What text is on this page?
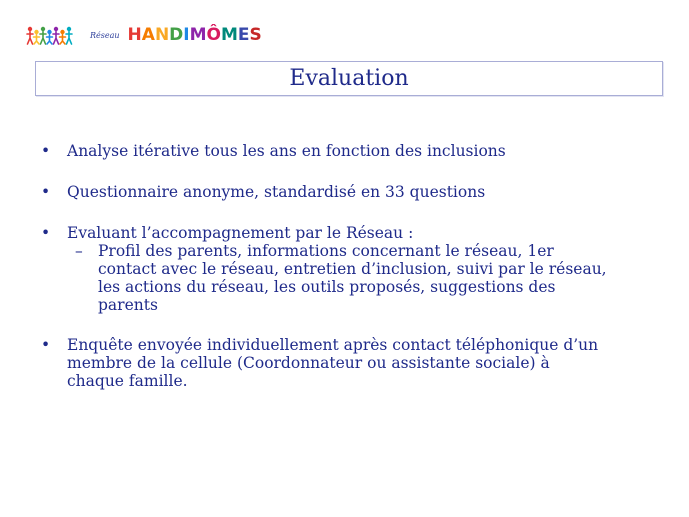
Réseau HANDIMÔMES
Evaluation
• Analyse itérative tous les ans en fonction des inclusions
• Questionnaire anonyme, standardisé en 33 questions
• Evaluant l’accompagnement par le Réseau :
– Profil des parents, informations concernant le réseau, 1er
contact avec le réseau, entretien d’inclusion, suivi par le réseau,
les actions du réseau, les outils proposés, suggestions des
parents
• Enquête envoyée individuellement après contact téléphonique d’un
membre de la cellule (Coordonnateur ou assistante sociale) à
chaque famille.
